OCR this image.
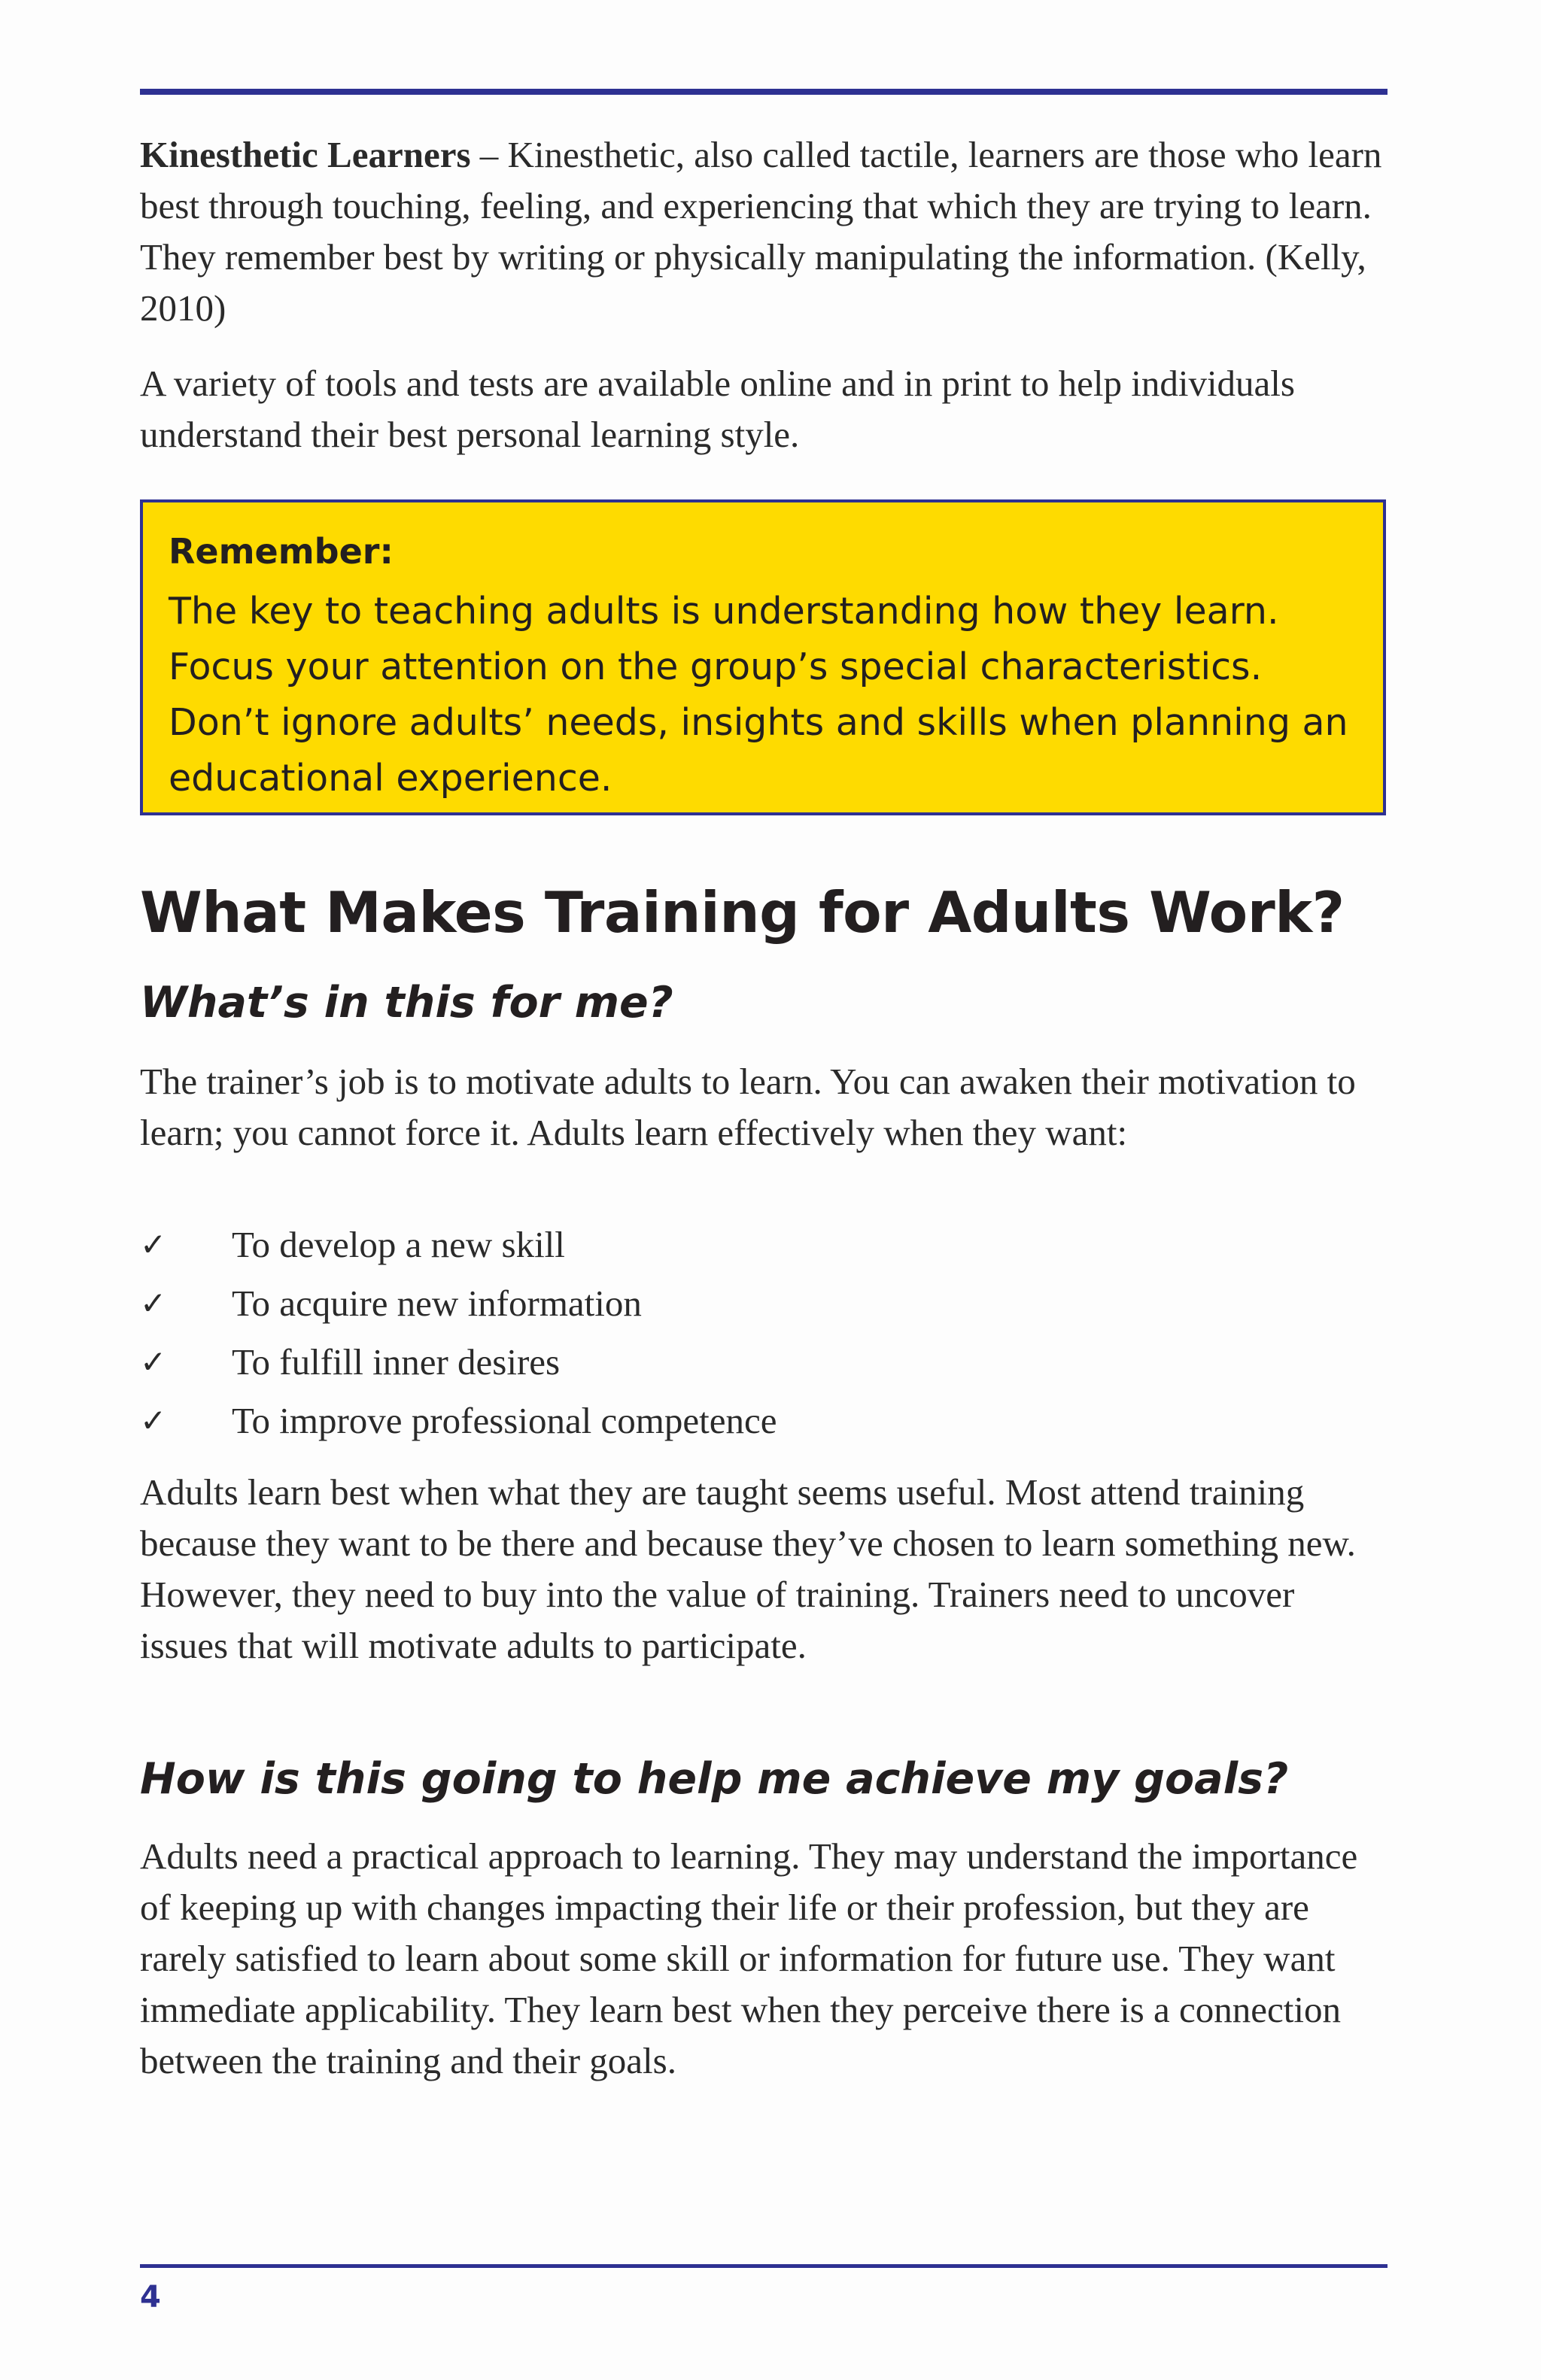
Kinesthetic Learners – Kinesthetic, also called tactile, learners are those who learn best through touching, feeling, and experiencing that which they are trying to learn. They remember best by writing or physically manipulating the information. (Kelly, 2010)

A variety of tools and tests are available online and in print to help individuals understand their best personal learning style.

Remember:

The key to teaching adults is understanding how they learn.

Focus your attention on the group’s special characteristics.

Don’t ignore adults’ needs, insights and skills when planning an

educational experience.

What Makes Training for Adults Work?
What’s in this for me?

The trainer’s job is to motivate adults to learn. You can awaken their motivation to learn; you cannot force it. Adults learn effectively when they want:

✓	To develop a new skill
✓	To acquire new information
✓	To fulfill inner desires
✓	To improve professional competence

Adults learn best when what they are taught seems useful. Most attend training because they want to be there and because they’ve chosen to learn something new. However, they need to buy into the value of training. Trainers need to uncover issues that will motivate adults to participate.

How is this going to help me achieve my goals?

Adults need a practical approach to learning. They may understand the importance of keeping up with changes impacting their life or their profession, but they are rarely satisfied to learn about some skill or information for future use. They want immediate applicability. They learn best when they perceive there is a connection between the training and their goals.

4
